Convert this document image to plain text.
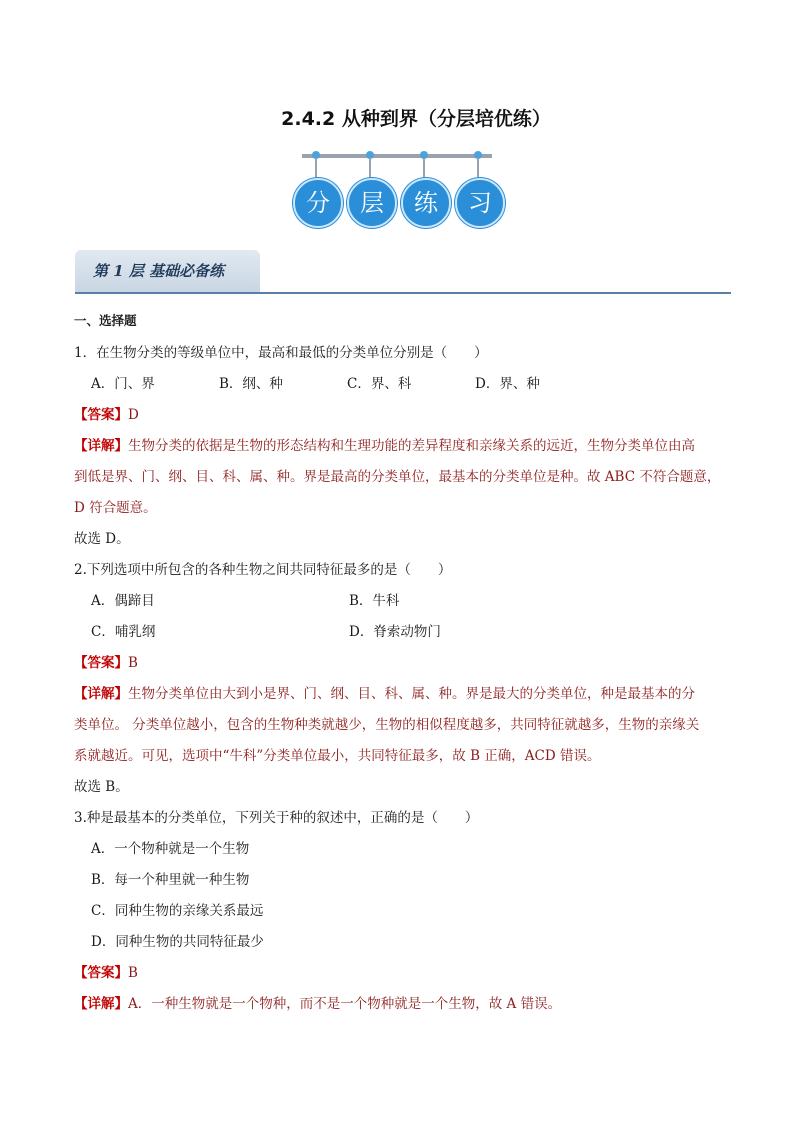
2.4.2 从种到界（分层培优练）
分	层	练	习
第 1 层 基础必备练
一、选择题
1．在生物分类的等级单位中，最高和最低的分类单位分别是（　　）
A．门、界	B．纲、种	C．界、科	D．界、种
【答案】D
【详解】生物分类的依据是生物的形态结构和生理功能的差异程度和亲缘关系的远近，生物分类单位由高
到低是界、门、纲、目、科、属、种。界是最高的分类单位，最基本的分类单位是种。故 ABC 不符合题意，
D 符合题意。
故选 D。
2.下列选项中所包含的各种生物之间共同特征最多的是（　　）
A．偶蹄目	B．牛科
C．哺乳纲	D．脊索动物门
【答案】B
【详解】生物分类单位由大到小是界、门、纲、目、科、属、种。界是最大的分类单位，种是最基本的分
类单位。 分类单位越小，包含的生物种类就越少，生物的相似程度越多，共同特征就越多，生物的亲缘关
系就越近。可见，选项中“牛科”分类单位最小，共同特征最多，故 B 正确，ACD 错误。
故选 B。
3.种是最基本的分类单位，下列关于种的叙述中，正确的是（　　）
A．一个物种就是一个生物
B．每一个种里就一种生物
C．同种生物的亲缘关系最远
D．同种生物的共同特征最少
【答案】B
【详解】A．一种生物就是一个物种，而不是一个物种就是一个生物，故 A 错误。
